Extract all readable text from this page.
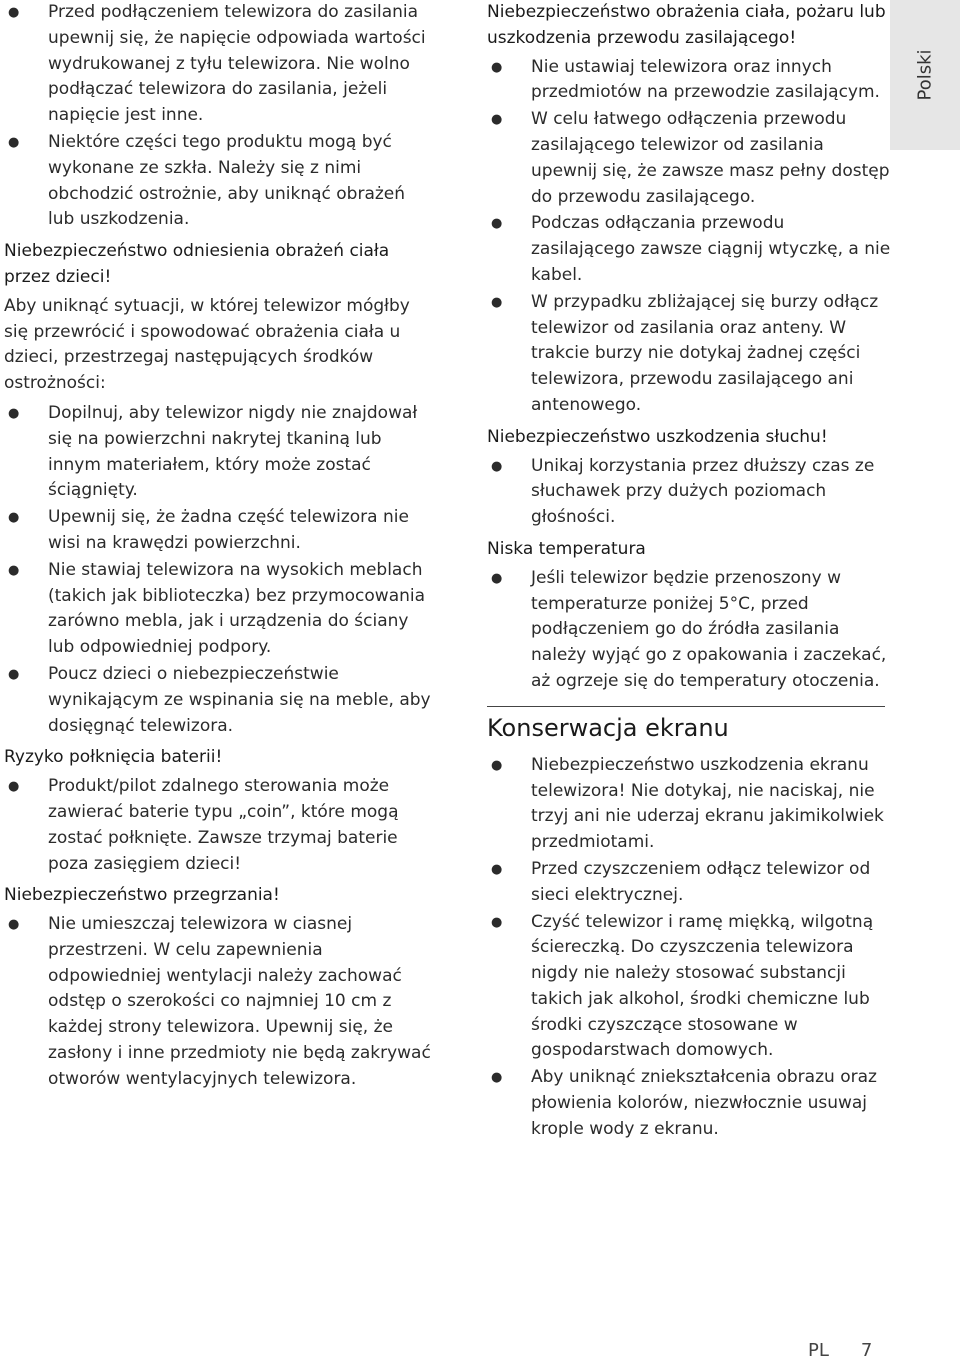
● Przed podłączeniem telewizora do zasilania upewnij się, że napięcie odpowiada wartości wydrukowanej z tyłu telewizora. Nie wolno podłączać telewizora do zasilania, jeżeli napięcie jest inne.
● Niektóre części tego produktu mogą być wykonane ze szkła. Należy się z nimi obchodzić ostrożnie, aby uniknąć obrażeń lub uszkodzenia.
Niebezpieczeństwo odniesienia obrażeń ciała przez dzieci!
Aby uniknąć sytuacji, w której telewizor mógłby się przewrócić i spowodować obrażenia ciała u dzieci, przestrzegaj następujących środków ostrożności:
● Dopilnuj, aby telewizor nigdy nie znajdował się na powierzchni nakrytej tkaniną lub innym materiałem, który może zostać ściągnięty.
● Upewnij się, że żadna część telewizora nie wisi na krawędzi powierzchni.
● Nie stawiaj telewizora na wysokich meblach (takich jak biblioteczka) bez przymocowania zarówno mebla, jak i urządzenia do ściany lub odpowiedniej podpory.
● Poucz dzieci o niebezpieczeństwie wynikającym ze wspinania się na meble, aby dosięgnąć telewizora.
Ryzyko połknięcia baterii!
● Produkt/pilot zdalnego sterowania może zawierać baterie typu „coin”, które mogą zostać połknięte. Zawsze trzymaj baterie poza zasięgiem dzieci!
Niebezpieczeństwo przegrzania!
● Nie umieszczaj telewizora w ciasnej przestrzeni. W celu zapewnienia odpowiedniej wentylacji należy zachować odstęp o szerokości co najmniej 10 cm z każdej strony telewizora. Upewnij się, że zasłony i inne przedmioty nie będą zakrywać otworów wentylacyjnych telewizora.
Niebezpieczeństwo obrażenia ciała, pożaru lub uszkodzenia przewodu zasilającego!
● Nie ustawiaj telewizora oraz innych przedmiotów na przewodzie zasilającym.
● W celu łatwego odłączenia przewodu zasilającego telewizor od zasilania upewnij się, że zawsze masz pełny dostęp do przewodu zasilającego.
● Podczas odłączania przewodu zasilającego zawsze ciągnij wtyczkę, a nie kabel.
● W przypadku zbliżającej się burzy odłącz telewizor od zasilania oraz anteny. W trakcie burzy nie dotykaj żadnej części telewizora, przewodu zasilającego ani antenowego.
Niebezpieczeństwo uszkodzenia słuchu!
● Unikaj korzystania przez dłuższy czas ze słuchawek przy dużych poziomach głośności.
Niska temperatura
● Jeśli telewizor będzie przenoszony w temperaturze poniżej 5°C, przed podłączeniem go do źródła zasilania należy wyjąć go z opakowania i zaczekać, aż ogrzeje się do temperatury otoczenia.
Konserwacja ekranu
● Niebezpieczeństwo uszkodzenia ekranu telewizora! Nie dotykaj, nie naciskaj, nie trzyj ani nie uderzaj ekranu jakimikolwiek przedmiotami.
● Przed czyszczeniem odłącz telewizor od sieci elektrycznej.
● Czyść telewizor i ramę miękką, wilgotną ściereczką. Do czyszczenia telewizora nigdy nie należy stosować substancji takich jak alkohol, środki chemiczne lub środki czyszczące stosowane w gospodarstwach domowych.
● Aby uniknąć zniekształcenia obrazu oraz płowienia kolorów, niezwłocznie usuwaj krople wody z ekranu.
Polski
PL 7
